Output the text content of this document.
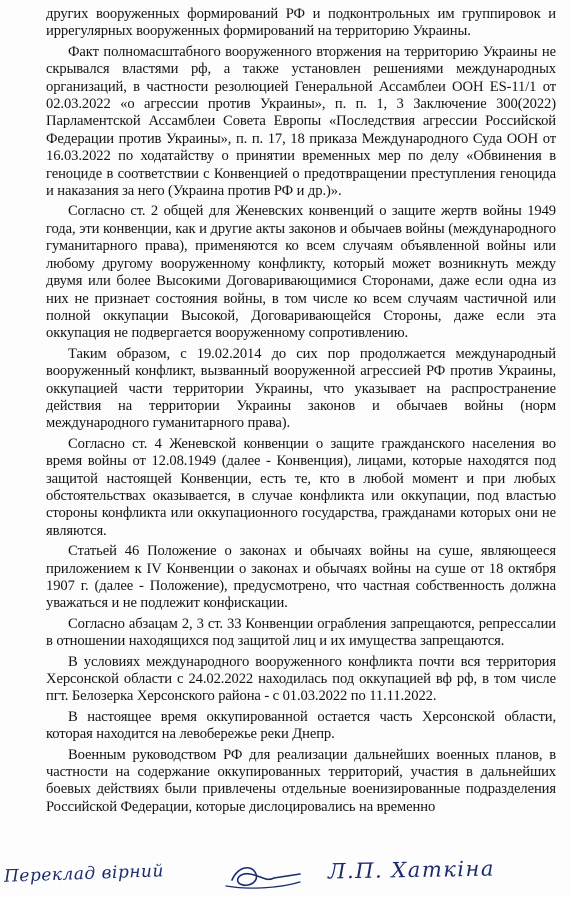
других вооруженных формирований РФ и подконтрольных им группировок и иррегулярных вооруженных формирований на территорию Украины.

Факт полномасштабного вооруженного вторжения на территорию Украины не скрывался властями рф, а также установлен решениями международных организаций, в частности резолюцией Генеральной Ассамблеи ООН ES-11/1 от 02.03.2022 «о агрессии против Украины», п. п. 1, 3 Заключение 300(2022) Парламентской Ассамблеи Совета Европы «Последствия агрессии Российской Федерации против Украины», п. п. 17, 18 приказа Международного Суда ООН от 16.03.2022 по ходатайству о принятии временных мер по делу «Обвинения в геноциде в соответствии с Конвенцией о предотвращении преступления геноцида и наказания за него (Украина против РФ и др.)».

Согласно ст. 2 общей для Женевских конвенций о защите жертв войны 1949 года, эти конвенции, как и другие акты законов и обычаев войны (международного гуманитарного права), применяются ко всем случаям объявленной войны или любому другому вооруженному конфликту, который может возникнуть между двумя или более Высокими Договаривающимися Сторонами, даже если одна из них не признает состояния войны, в том числе ко всем случаям частичной или полной оккупации Высокой, Договаривающейся Стороны, даже если эта оккупация не подвергается вооруженному сопротивлению.

Таким образом, с 19.02.2014 до сих пор продолжается международный вооруженный конфликт, вызванный вооруженной агрессией РФ против Украины, оккупацией части территории Украины, что указывает на распространение действия на территории Украины законов и обычаев войны (норм международного гуманитарного права).

Согласно ст. 4 Женевской конвенции о защите гражданского населения во время войны от 12.08.1949 (далее - Конвенция), лицами, которые находятся под защитой настоящей Конвенции, есть те, кто в любой момент и при любых обстоятельствах оказывается, в случае конфликта или оккупации, под властью стороны конфликта или оккупационного государства, гражданами которых они не являются.

Статьей 46 Положение о законах и обычаях войны на суше, являющееся приложением к IV Конвенции о законах и обычаях войны на суше от 18 октября 1907 г. (далее - Положение), предусмотрено, что частная собственность должна уважаться и не подлежит конфискации.

Согласно абзацам 2, 3 ст. 33 Конвенции ограбления запрещаются, репрессалии в отношении находящихся под защитой лиц и их имущества запрещаются.

В условиях международного вооруженного конфликта почти вся территория Херсонской области с 24.02.2022 находилась под оккупацией вф рф, в том числе пгт. Белозерка Херсонского района - с 01.03.2022 по 11.11.2022.

В настоящее время оккупированной остается часть Херсонской области, которая находится на левобережье реки Днепр.

Военным руководством РФ для реализации дальнейших военных планов, в частности на содержание оккупированных территорий, участия в дальнейших боевых действиях были привлечены отдельные военизированные подразделения Российской Федерации, которые дислоцировались на временно

Переклад вірний	Л.П. Хаткіна
